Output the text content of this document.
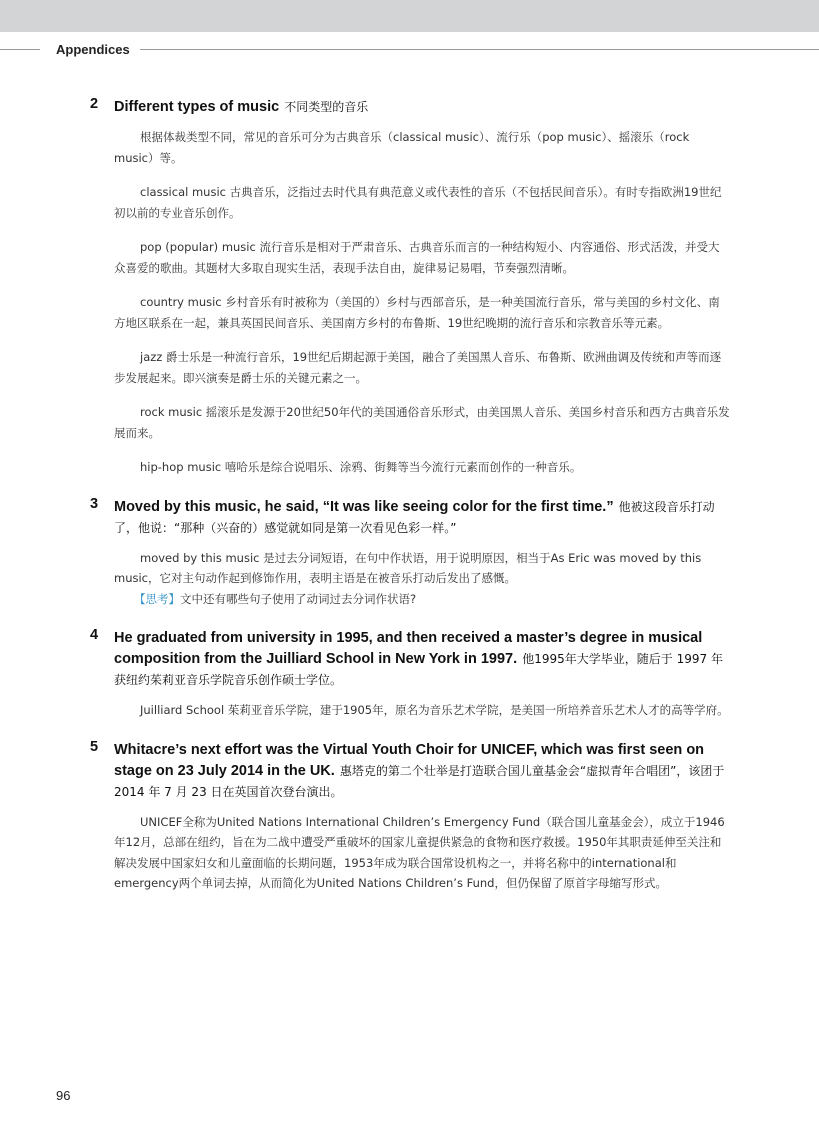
Appendices

2 Different types of music 不同类型的音乐

根据体裁类型不同，常见的音乐可分为古典音乐（classical music）、流行乐（pop music）、摇滚乐（rock music）等。

classical music 古典音乐，泛指过去时代具有典范意义或代表性的音乐（不包括民间音乐）。有时专指欧洲19世纪初以前的专业音乐创作。

pop (popular) music 流行音乐是相对于严肃音乐、古典音乐而言的一种结构短小、内容通俗、形式活泼，并受大众喜爱的歌曲。其题材大多取自现实生活，表现手法自由，旋律易记易唱，节奏强烈清晰。

country music 乡村音乐有时被称为（美国的）乡村与西部音乐，是一种美国流行音乐，常与美国的乡村文化、南方地区联系在一起，兼具英国民间音乐、美国南方乡村的布鲁斯、19世纪晚期的流行音乐和宗教音乐等元素。

jazz 爵士乐是一种流行音乐，19世纪后期起源于美国，融合了美国黑人音乐、布鲁斯、欧洲曲调及传统和声等而逐步发展起来。即兴演奏是爵士乐的关键元素之一。

rock music 摇滚乐是发源于20世纪50年代的美国通俗音乐形式，由美国黑人音乐、美国乡村音乐和西方古典音乐发展而来。

hip-hop music 嘻哈乐是综合说唱乐、涂鸦、街舞等当今流行元素而创作的一种音乐。

3 Moved by this music, he said, “It was like seeing color for the first time.” 他被这段音乐打动了，他说：“那种（兴奋的）感觉就如同是第一次看见色彩一样。”

moved by this music 是过去分词短语，在句中作状语，用于说明原因，相当于As Eric was moved by this music，它对主句动作起到修饰作用，表明主语是在被音乐打动后发出了感慨。

【思考】文中还有哪些句子使用了动词过去分词作状语?

4 He graduated from university in 1995, and then received a master’s degree in musical composition from the Juilliard School in New York in 1997. 他1995年大学毕业，随后于 1997 年获纽约茱莉亚音乐学院音乐创作硕士学位。

Juilliard School 茱莉亚音乐学院，建于1905年，原名为音乐艺术学院，是美国一所培养音乐艺术人才的高等学府。

5 Whitacre’s next effort was the Virtual Youth Choir for UNICEF, which was first seen on stage on 23 July 2014 in the UK. 惠塔克的第二个壮举是打造联合国儿童基金会“虚拟青年合唱团”，该团于 2014 年 7 月 23 日在英国首次登台演出。

UNICEF全称为United Nations International Children’s Emergency Fund（联合国儿童基金会），成立于1946年12月，总部在纽约，旨在为二战中遭受严重破坏的国家儿童提供紧急的食物和医疗救援。1950年其职责延伸至关注和解决发展中国家妇女和儿童面临的长期问题，1953年成为联合国常设机构之一，并将名称中的international和emergency两个单词去掉，从而简化为United Nations Children’s Fund，但仍保留了原首字母缩写形式。

96
